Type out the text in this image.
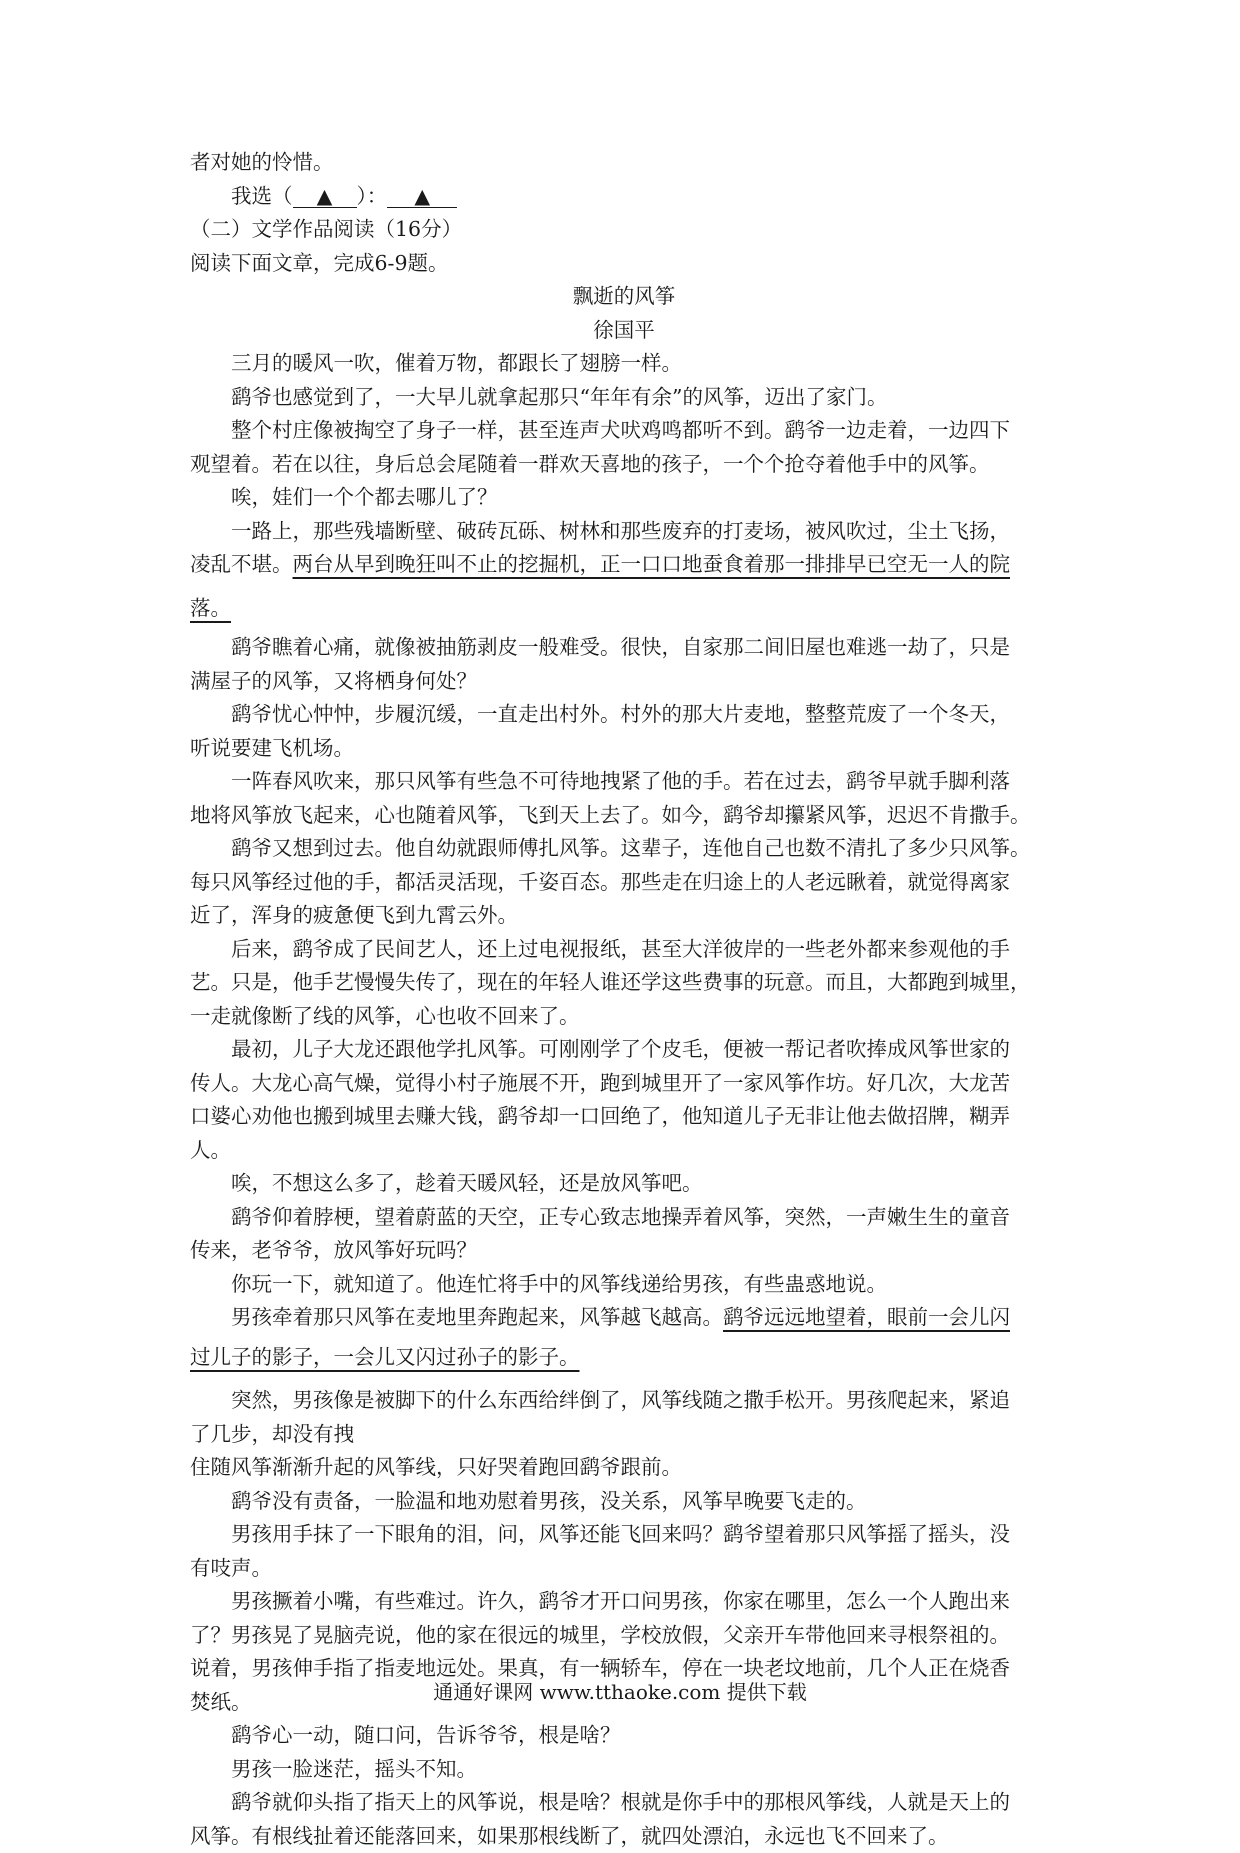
者对她的怜惜。
我选（ ▲ ）： ▲
（二）文学作品阅读（16分）
阅读下面文章，完成6-9题。
飘逝的风筝
徐国平
三月的暖风一吹，催着万物，都跟长了翅膀一样。
鹞爷也感觉到了，一大早儿就拿起那只“年年有余”的风筝，迈出了家门。
整个村庄像被掏空了身子一样，甚至连声犬吠鸡鸣都听不到。鹞爷一边走着，一边四下
观望着。若在以往，身后总会尾随着一群欢天喜地的孩子，一个个抢夺着他手中的风筝。
唉，娃们一个个都去哪儿了？
一路上，那些残墙断壁、破砖瓦砾、树林和那些废弃的打麦场，被风吹过，尘土飞扬，
凌乱不堪。两台从早到晚狂叫不止的挖掘机，正一口口地蚕食着那一排排早已空无一人的院
落。
鹞爷瞧着心痛，就像被抽筋剥皮一般难受。很快，自家那二间旧屋也难逃一劫了，只是
满屋子的风筝，又将栖身何处？
鹞爷忧心忡忡，步履沉缓，一直走出村外。村外的那大片麦地，整整荒废了一个冬天，
听说要建飞机场。
一阵春风吹来，那只风筝有些急不可待地拽紧了他的手。若在过去，鹞爷早就手脚利落
地将风筝放飞起来，心也随着风筝，飞到天上去了。如今，鹞爷却攥紧风筝，迟迟不肯撒手。
鹞爷又想到过去。他自幼就跟师傅扎风筝。这辈子，连他自己也数不清扎了多少只风筝。
每只风筝经过他的手，都活灵活现，千姿百态。那些走在归途上的人老远瞅着，就觉得离家
近了，浑身的疲惫便飞到九霄云外。
后来，鹞爷成了民间艺人，还上过电视报纸，甚至大洋彼岸的一些老外都来参观他的手
艺。只是，他手艺慢慢失传了，现在的年轻人谁还学这些费事的玩意。而且，大都跑到城里，
一走就像断了线的风筝，心也收不回来了。
最初，儿子大龙还跟他学扎风筝。可刚刚学了个皮毛，便被一帮记者吹捧成风筝世家的
传人。大龙心高气燥，觉得小村子施展不开，跑到城里开了一家风筝作坊。好几次，大龙苦
口婆心劝他也搬到城里去赚大钱，鹞爷却一口回绝了，他知道儿子无非让他去做招牌，糊弄
人。
唉，不想这么多了，趁着天暖风轻，还是放风筝吧。
鹞爷仰着脖梗，望着蔚蓝的天空，正专心致志地操弄着风筝，突然，一声嫩生生的童音
传来，老爷爷，放风筝好玩吗？
你玩一下，就知道了。他连忙将手中的风筝线递给男孩，有些蛊惑地说。
男孩牵着那只风筝在麦地里奔跑起来，风筝越飞越高。鹞爷远远地望着，眼前一会儿闪
过儿子的影子，一会儿又闪过孙子的影子。
突然，男孩像是被脚下的什么东西给绊倒了，风筝线随之撒手松开。男孩爬起来，紧追
了几步，却没有拽
住随风筝渐渐升起的风筝线，只好哭着跑回鹞爷跟前。
鹞爷没有责备，一脸温和地劝慰着男孩，没关系，风筝早晚要飞走的。
男孩用手抹了一下眼角的泪，问，风筝还能飞回来吗？鹞爷望着那只风筝摇了摇头，没
有吱声。
男孩撅着小嘴，有些难过。许久，鹞爷才开口问男孩，你家在哪里，怎么一个人跑出来
了？男孩晃了晃脑壳说，他的家在很远的城里，学校放假，父亲开车带他回来寻根祭祖的。
说着，男孩伸手指了指麦地远处。果真，有一辆轿车，停在一块老坟地前，几个人正在烧香
焚纸。
鹞爷心一动，随口问，告诉爷爷，根是啥？
男孩一脸迷茫，摇头不知。
鹞爷就仰头指了指天上的风筝说，根是啥？根就是你手中的那根风筝线，人就是天上的
风筝。有根线扯着还能落回来，如果那根线断了，就四处漂泊，永远也飞不回来了。
通通好课网 www.tthaoke.com 提供下载
